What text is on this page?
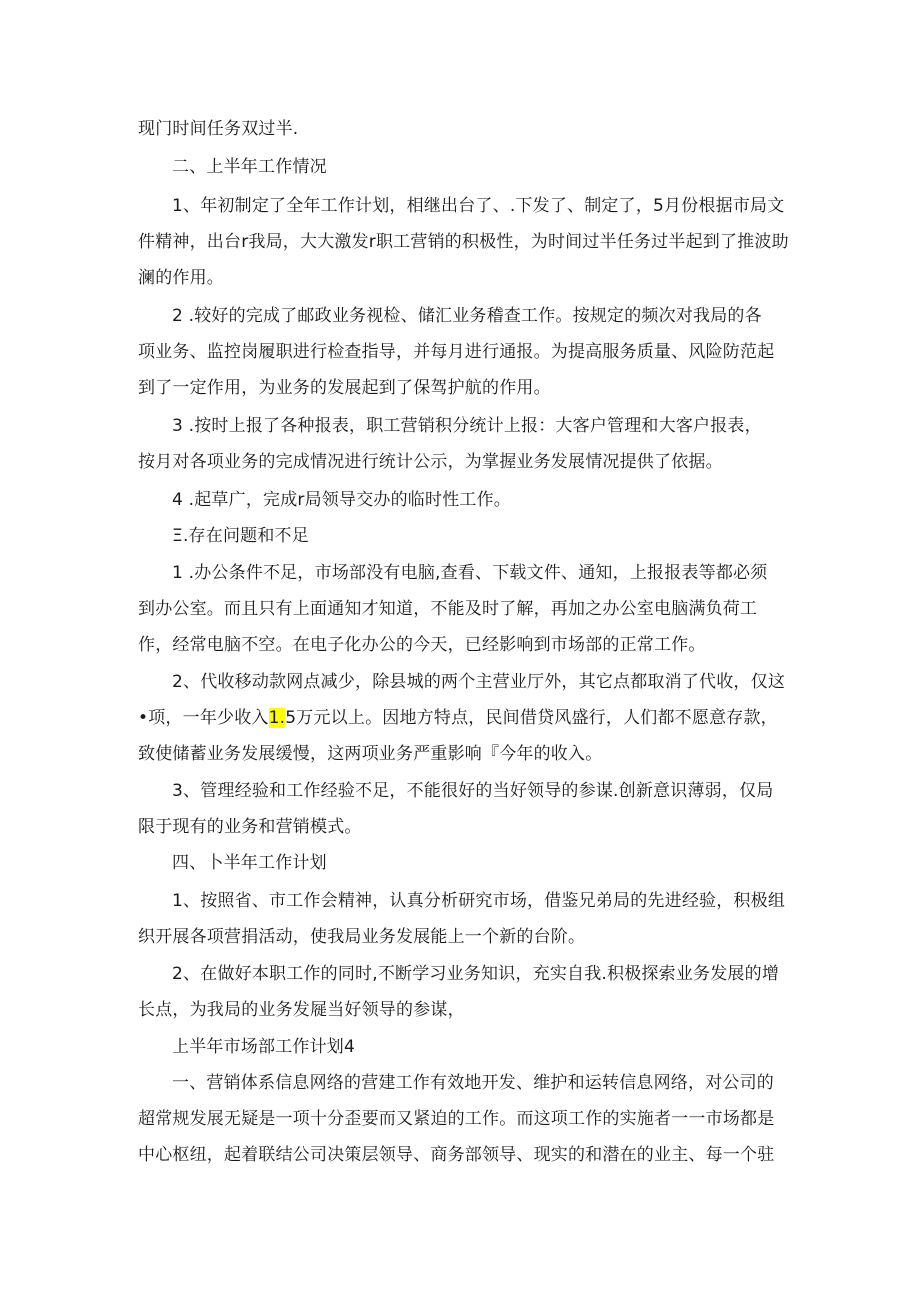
现门时间任务双过半.
二、上半年工作情况
1、年初制定了全年工作计划，相继出台了、.下发了、制定了，5月份根据市局文
件精神，出台r我局，大大激发r职工营销的积极性，为时间过半任务过半起到了推波助
澜的作用。
2 .较好的完成了邮政业务视检、储汇业务稽查工作。按规定的频次对我局的各
项业务、监控岗履职进行检查指导，并每月进行通报。为提高服务质量、风险防范起
到了一定作用，为业务的发展起到了保驾护航的作用。
3 .按时上报了各种报表，职工营销积分统计上报：大客户管理和大客户报表，
按月对各项业务的完成情况进行统计公示，为掌握业务发展情况提供了依据。
4 .起草广，完成r局领导交办的临时性工作。
Ξ.存在问题和不足
1 .办公条件不足，市场部没有电脑,查看、下载文件、通知，上报报表等都必须
到办公室。而且只有上面通知才知道，不能及时了解，再加之办公室电脑满负荷工
作，经常电脑不空。在电子化办公的今天，已经影响到市场部的正常工作。
2、代收移动款网点减少，除县城的两个主营业厅外，其它点都取消了代收，仅这
•项，一年少收入1.5万元以上。因地方特点，民间借贷风盛行，人们都不愿意存款，
致使储蓄业务发展缓慢，这两项业务严重影响『今年的收入。
3、管理经验和工作经验不足，不能很好的当好领导的参谋.创新意识薄弱，仅局
限于现有的业务和营销模式。
四、卜半年工作计划
1、按照省、市工作会精神，认真分析研究市场，借鉴兄弟局的先进经验，积极组
织开展各项营捐活动，使我局业务发展能上一个新的台阶。
2、在做好本职工作的同时,不断学习业务知识，充实自我.积极探索业务发展的增
长点，为我局的业务发屣当好领导的参谋，
上半年市场部工作计划4
一、营销体系信息网络的营建工作有效地开发、维护和运转信息网络，对公司的
超常规发展无疑是一项十分歪要而又紧迫的工作。而这项工作的实施者一一市场都是
中心枢纽，起着联结公司决策层领导、商务部领导、现实的和潜在的业主、每一个驻
